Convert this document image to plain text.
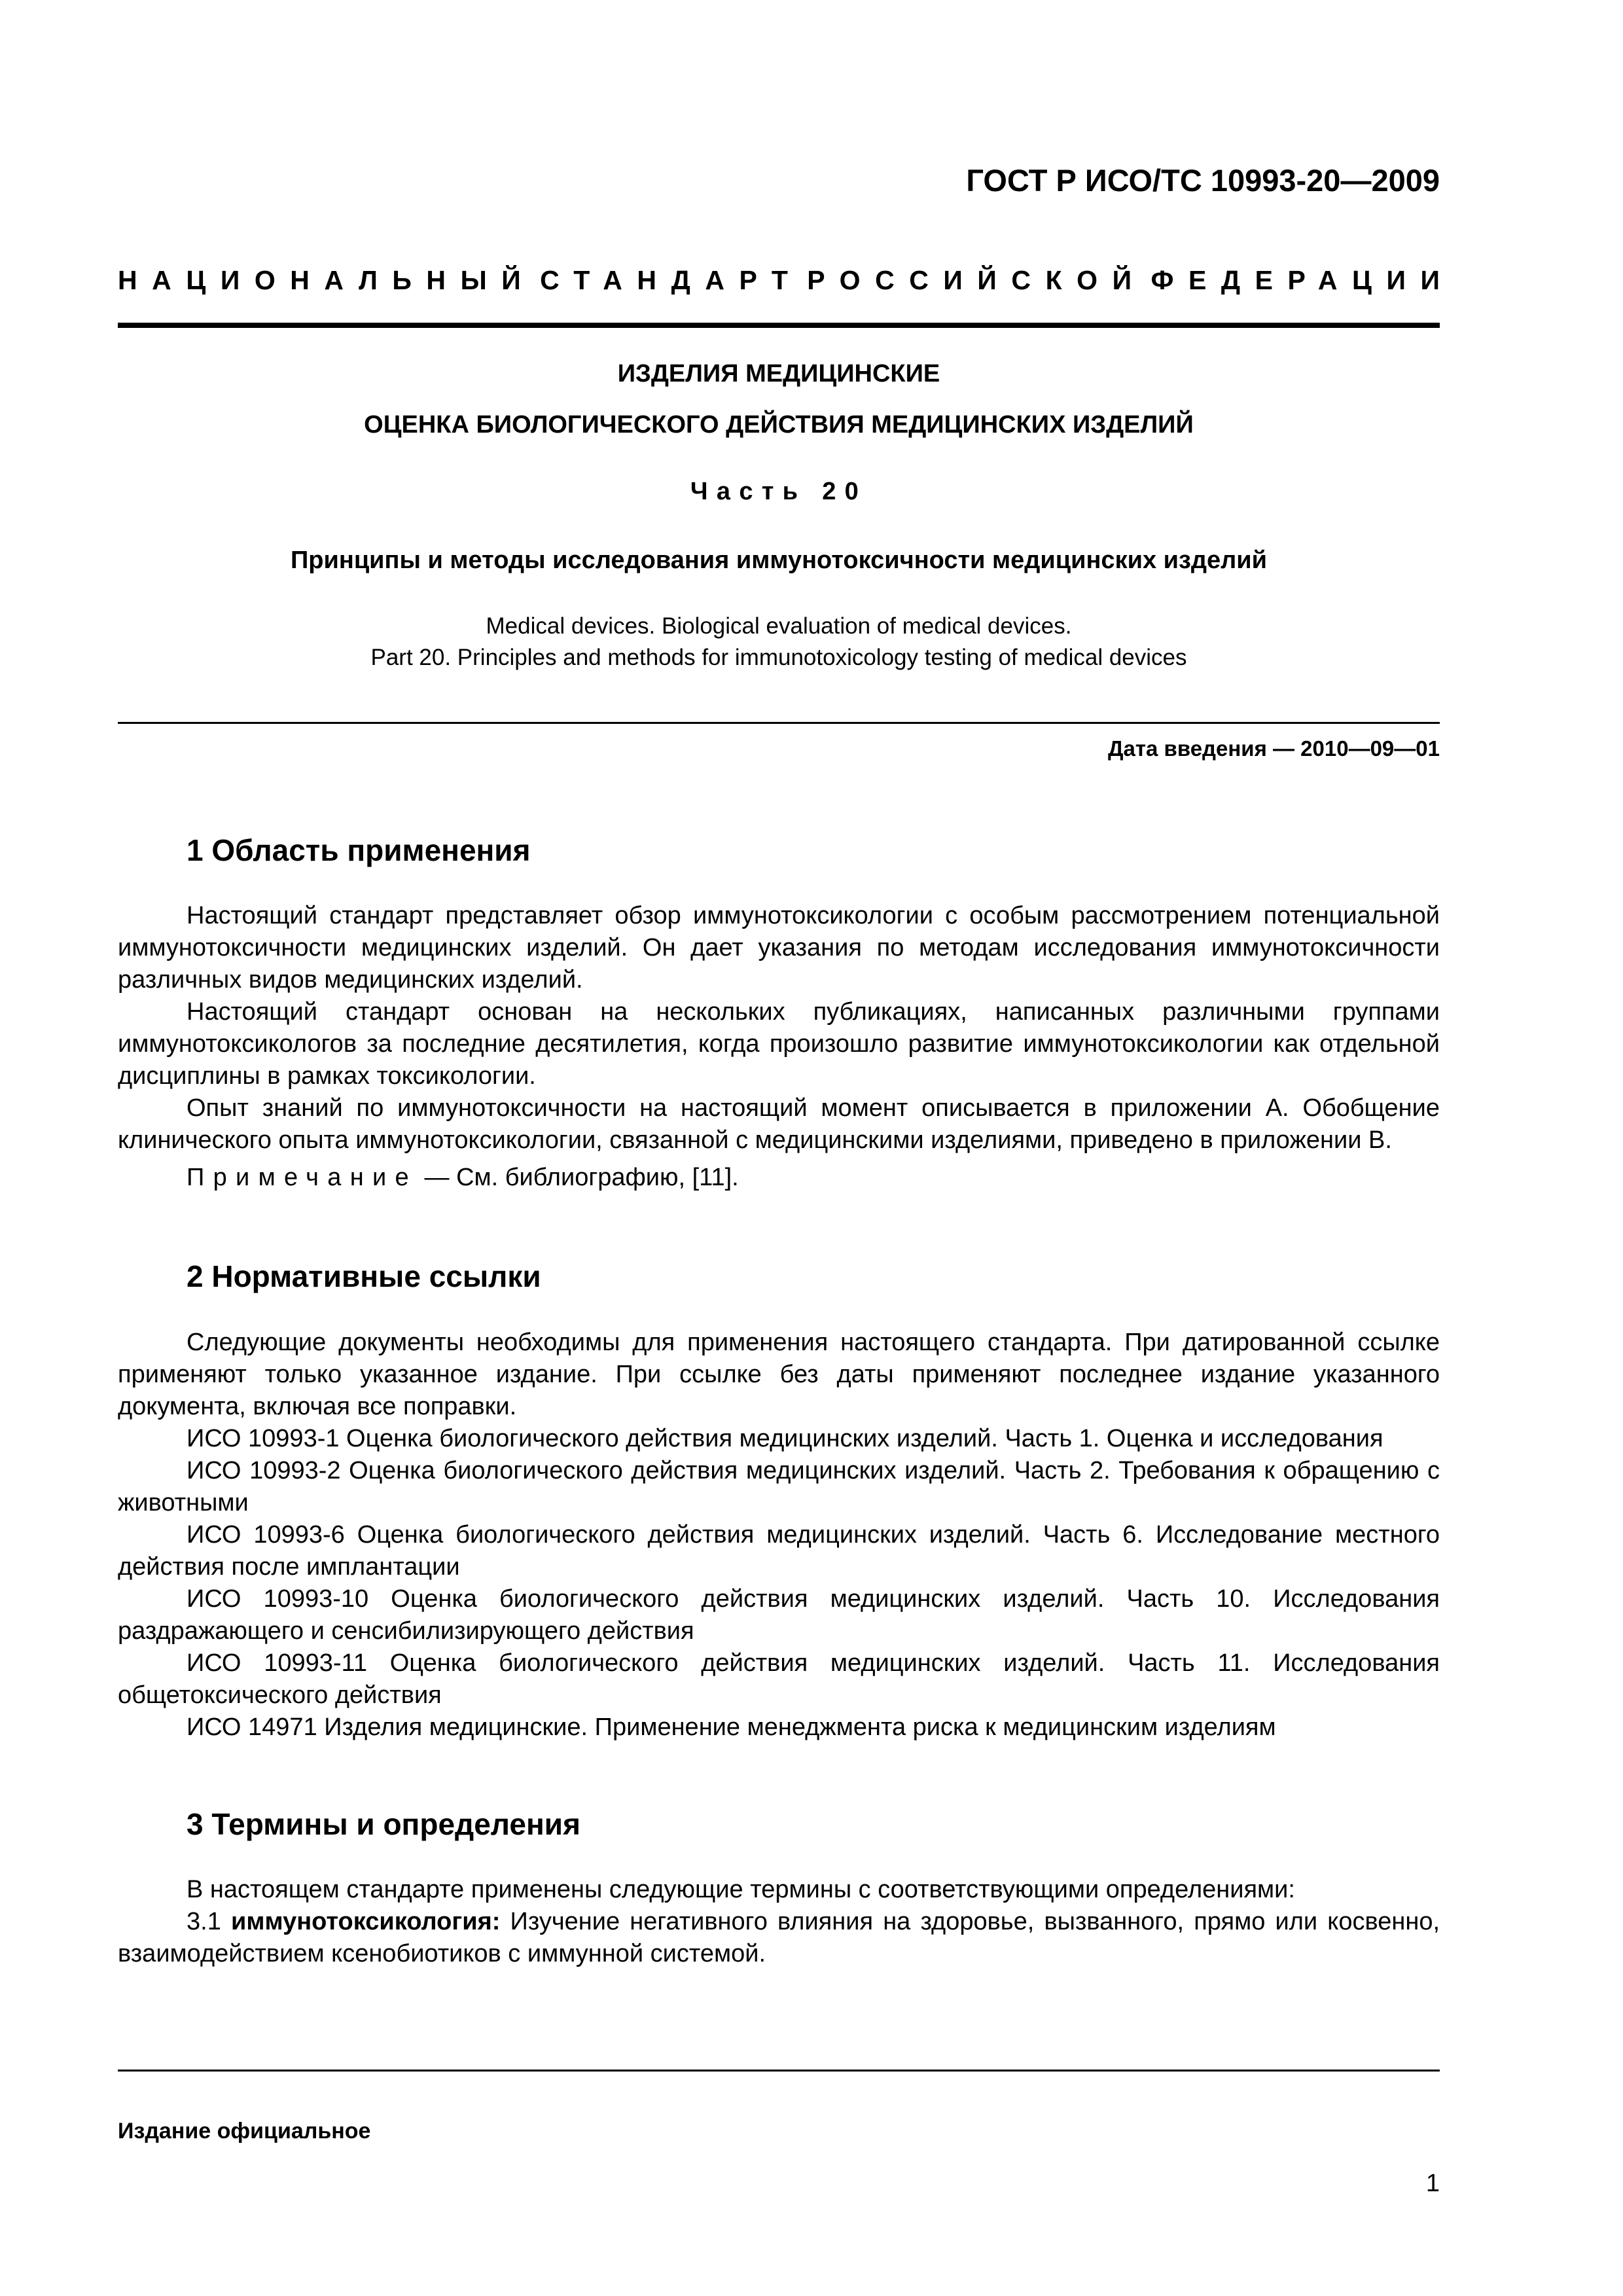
ГОСТ Р ИСО/ТС 10993-20—2009
НАЦИОНАЛЬНЫЙ СТАНДАРТ РОССИЙСКОЙ ФЕДЕРАЦИИ
ИЗДЕЛИЯ МЕДИЦИНСКИЕ
ОЦЕНКА БИОЛОГИЧЕСКОГО ДЕЙСТВИЯ МЕДИЦИНСКИХ ИЗДЕЛИЙ
Часть 20
Принципы и методы исследования иммунотоксичности медицинских изделий
Medical devices. Biological evaluation of medical devices.
Part 20. Principles and methods for immunotoxicology testing of medical devices
Дата введения — 2010—09—01
1 Область применения

Настоящий стандарт представляет обзор иммунотоксикологии с особым рассмотрением потенциальной иммунотоксичности медицинских изделий. Он дает указания по методам исследования иммунотоксичности различных видов медицинских изделий.

Настоящий стандарт основан на нескольких публикациях, написанных различными группами иммунотоксикологов за последние десятилетия, когда произошло развитие иммунотоксикологии как отдельной дисциплины в рамках токсикологии.

Опыт знаний по иммунотоксичности на настоящий момент описывается в приложении А. Обобщение клинического опыта иммунотоксикологии, связанной с медицинскими изделиями, приведено в приложении В.

Примечание — См. библиографию, [11].

2 Нормативные ссылки

Следующие документы необходимы для применения настоящего стандарта. При датированной ссылке применяют только указанное издание. При ссылке без даты применяют последнее издание указанного документа, включая все поправки.

ИСО 10993-1 Оценка биологического действия медицинских изделий. Часть 1. Оценка и исследования

ИСО 10993-2 Оценка биологического действия медицинских изделий. Часть 2. Требования к обращению с животными

ИСО 10993-6 Оценка биологического действия медицинских изделий. Часть 6. Исследование местного действия после имплантации

ИСО 10993-10 Оценка биологического действия медицинских изделий. Часть 10. Исследования раздражающего и сенсибилизирующего действия

ИСО 10993-11 Оценка биологического действия медицинских изделий. Часть 11. Исследования общетоксического действия

ИСО 14971 Изделия медицинские. Применение менеджмента риска к медицинским изделиям

3 Термины и определения

В настоящем стандарте применены следующие термины с соответствующими определениями:

3.1 иммунотоксикология: Изучение негативного влияния на здоровье, вызванного, прямо или косвенно, взаимодействием ксенобиотиков с иммунной системой.

Издание официальное
1
